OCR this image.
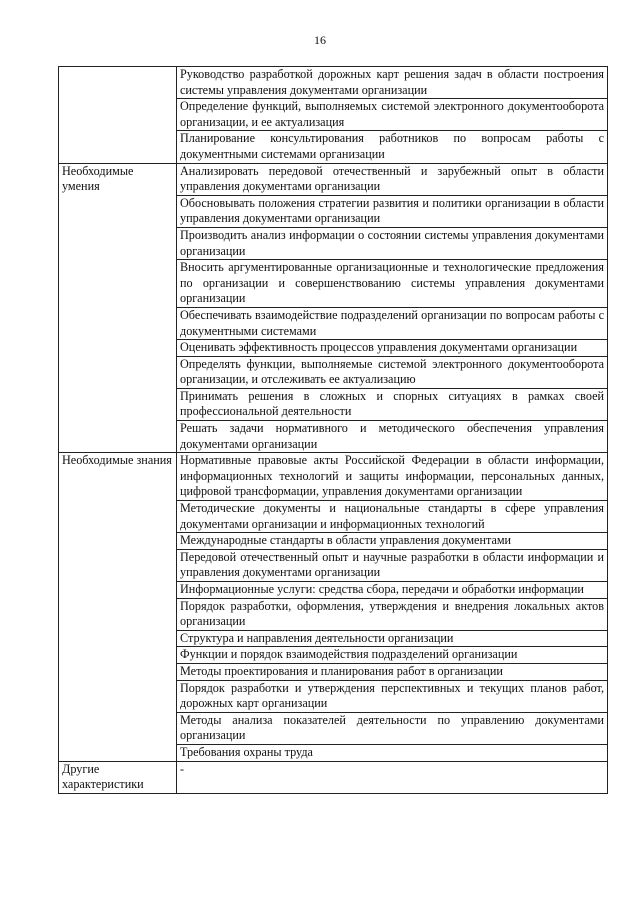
16

	Руководство разработкой дорожных карт решения задач в области построения системы управления документами организации

	Определение функций, выполняемых системой электронного документооборота организации, и ее актуализация

	Планирование консультирования работников по вопросам работы с документными системами организации

Необходимые умения	Анализировать передовой отечественный и зарубежный опыт в области управления документами организации

	Обосновывать положения стратегии развития и политики организации в области управления документами организации

	Производить анализ информации о состоянии системы управления документами организации

	Вносить аргументированные организационные и технологические предложения по организации и совершенствованию системы управления документами организации

	Обеспечивать взаимодействие подразделений организации по вопросам работы с документными системами

	Оценивать эффективность процессов управления документами организации

	Определять функции, выполняемые системой электронного документооборота организации, и отслеживать ее актуализацию

	Принимать решения в сложных и спорных ситуациях в рамках своей профессиональной деятельности

	Решать задачи нормативного и методического обеспечения управления документами организации

Необходимые знания	Нормативные правовые акты Российской Федерации в области информации, информационных технологий и защиты информации, персональных данных, цифровой трансформации, управления документами организации

	Методические документы и национальные стандарты в сфере управления документами организации и информационных технологий

	Международные стандарты в области управления документами

	Передовой отечественный опыт и научные разработки в области информации и управления документами организации

	Информационные услуги: средства сбора, передачи и обработки информации

	Порядок разработки, оформления, утверждения и внедрения локальных актов организации

	Структура и направления деятельности организации

	Функции и порядок взаимодействия подразделений организации

	Методы проектирования и планирования работ в организации

	Порядок разработки и утверждения перспективных и текущих планов работ, дорожных карт организации

	Методы анализа показателей деятельности по управлению документами организации

	Требования охраны труда

Другие характеристики	-
